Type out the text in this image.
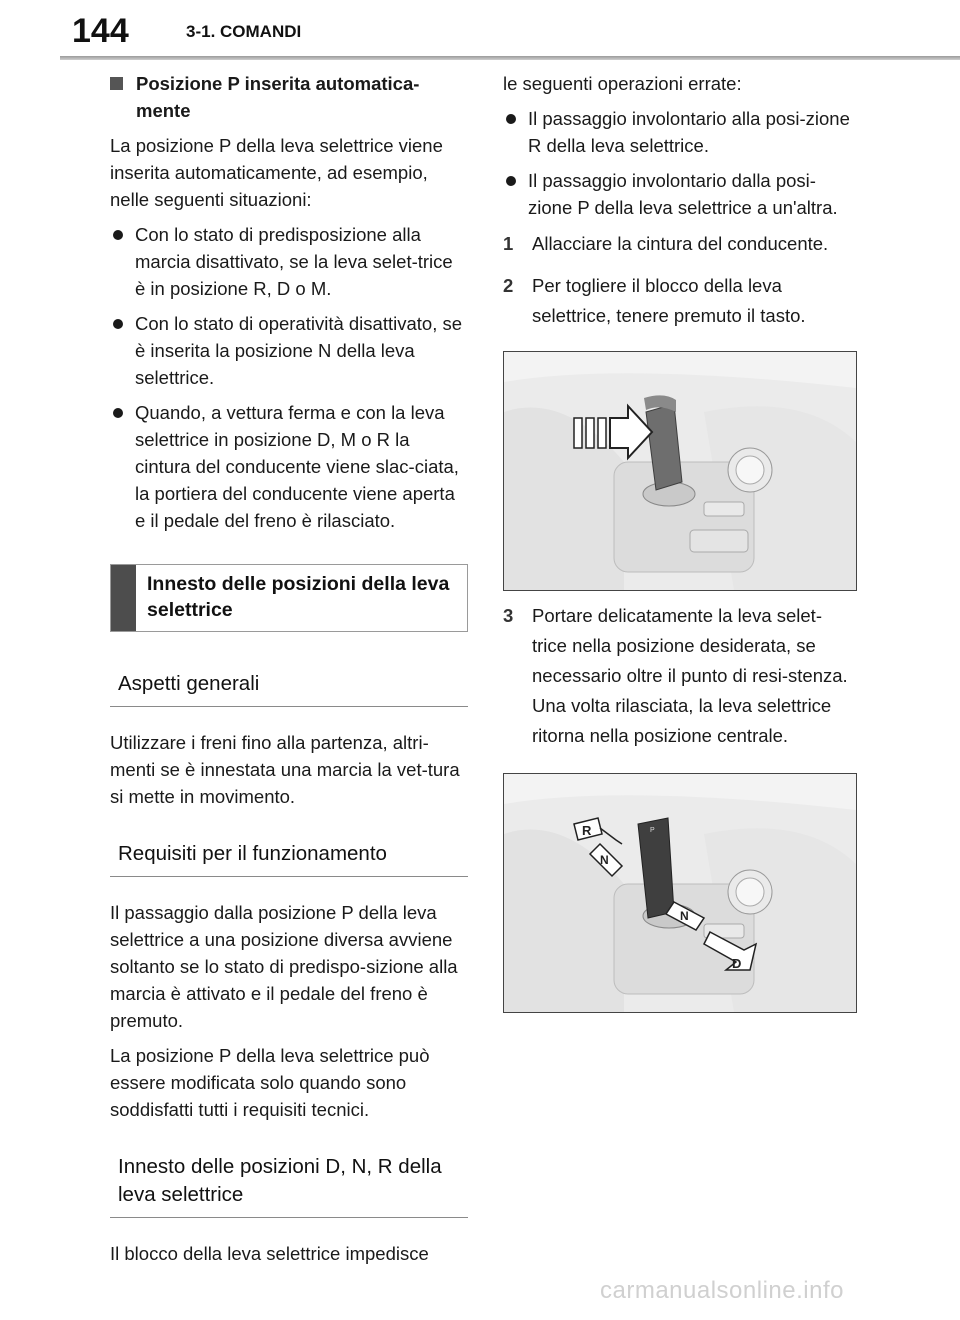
144	3-1. COMANDI

Posizione P inserita automatica-mente

La posizione P della leva selettrice viene inserita automaticamente, ad esempio, nelle seguenti situazioni:

Con lo stato di predisposizione alla marcia disattivato, se la leva selet-trice è in posizione R, D o M.

Con lo stato di operatività disattivato, se è inserita la posizione N della leva selettrice.

Quando, a vettura ferma e con la leva selettrice in posizione D, M o R la cintura del conducente viene slac-ciata, la portiera del conducente viene aperta e il pedale del freno è rilasciato.

Innesto delle posizioni della leva selettrice

Aspetti generali

Utilizzare i freni fino alla partenza, altri-menti se è innestata una marcia la vet-tura si mette in movimento.

Requisiti per il funzionamento

Il passaggio dalla posizione P della leva selettrice a una posizione diversa avviene soltanto se lo stato di predispo-sizione alla marcia è attivato e il pedale del freno è premuto.

La posizione P della leva selettrice può essere modificata solo quando sono soddisfatti tutti i requisiti tecnici.

Innesto delle posizioni D, N, R della leva selettrice

Il blocco della leva selettrice impedisce

le seguenti operazioni errate:

Il passaggio involontario alla posi-zione R della leva selettrice.

Il passaggio involontario dalla posi-zione P della leva selettrice a un'altra.

1 Allacciare la cintura del conducente.

2 Per togliere il blocco della leva selettrice, tenere premuto il tasto.

3 Portare delicatamente la leva selet-trice nella posizione desiderata, se necessario oltre il punto di resi-stenza. Una volta rilasciata, la leva selettrice ritorna nella posizione centrale.

P
R
N
N
D
carmanualsonline.info
